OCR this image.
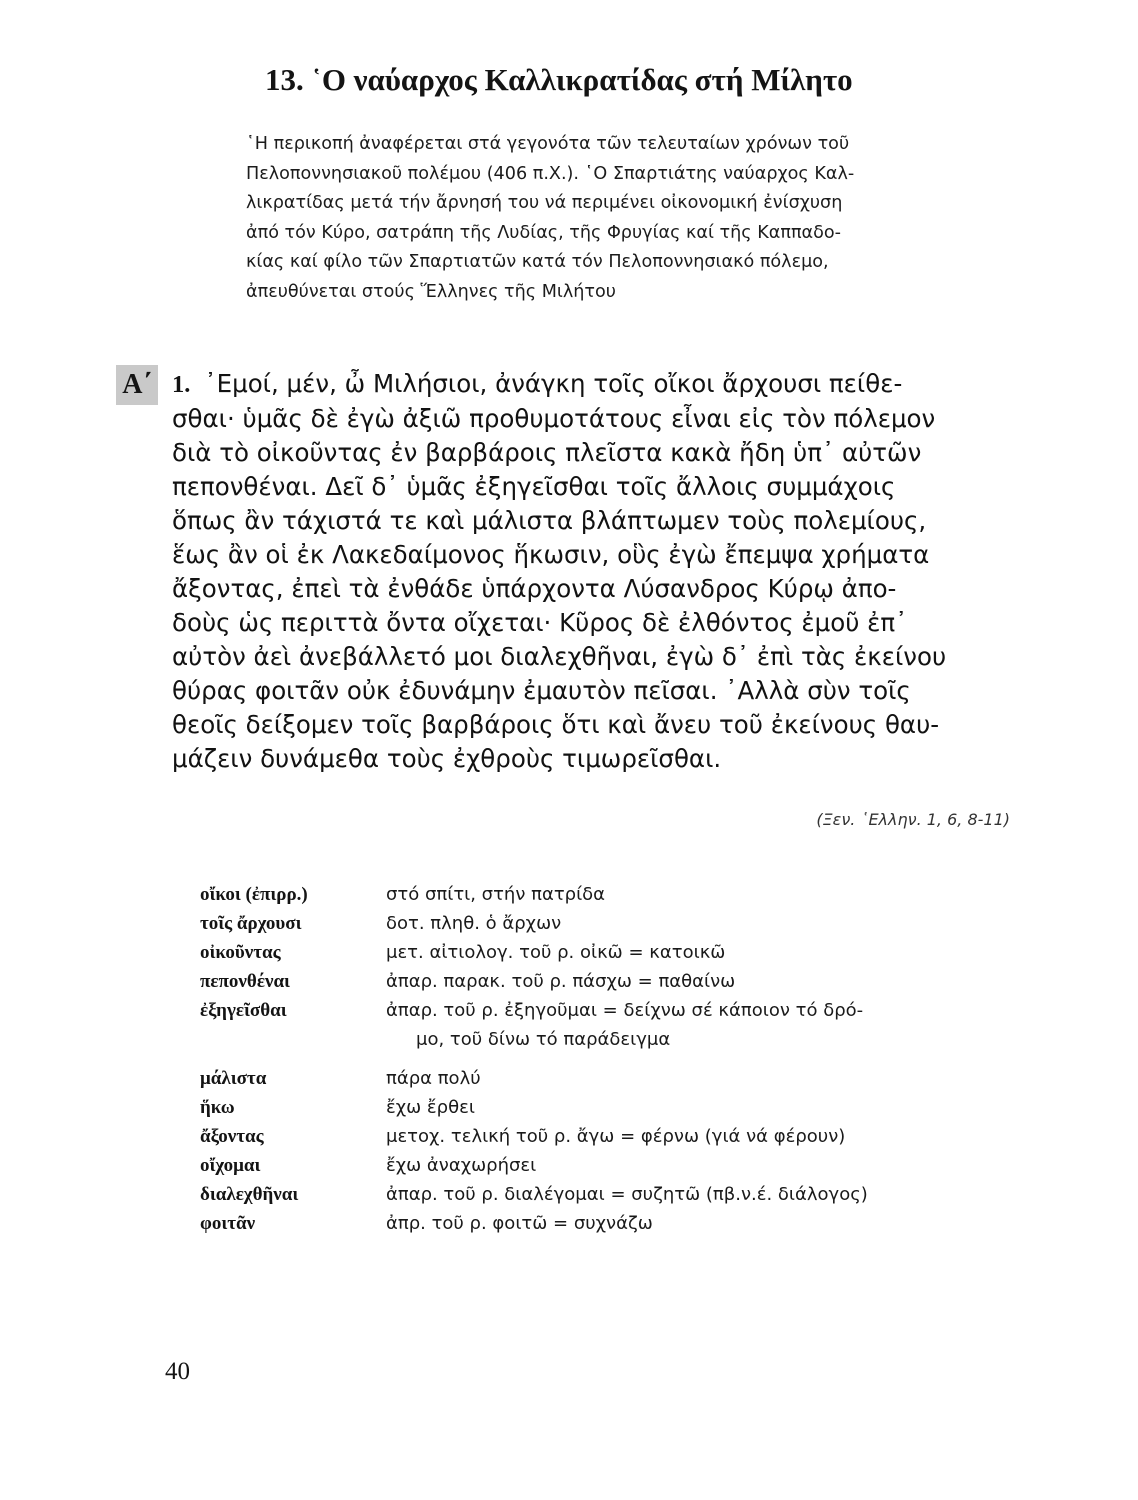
13. ῾Ο ναύαρχος Καλλικρατίδας στή Μίλητο
῾Η περικοπή ἀναφέρεται στά γεγονότα τῶν τελευταίων χρόνων τοῦ
Πελοποννησιακοῦ πολέμου (406 π.Χ.). ῾Ο Σπαρτιάτης ναύαρχος Καλ-
λικρατίδας μετά τήν ἄρνησή του νά περιμένει οἰκονομική ἐνίσχυση
ἀπό τόν Κύρο, σατράπη τῆς Λυδίας, τῆς Φρυγίας καί τῆς Καππαδο-
κίας καί φίλο τῶν Σπαρτιατῶν κατά τόν Πελοποννησιακό πόλεμο,
ἀπευθύνεται στούς Ἕλληνες τῆς Μιλήτου
Α΄ 1. ᾿Εμοί, μέν, ὦ Μιλήσιοι, ἀνάγκη τοῖς οἴκοι ἄρχουσι πείθε-
σθαι· ὑμᾶς δὲ ἐγὼ ἀξιῶ προθυμοτάτους εἶναι εἰς τὸν πόλεμον
διὰ τὸ οἰκοῦντας ἐν βαρβάροις πλεῖστα κακὰ ἤδη ὑπ᾿ αὐτῶν
πεπονθέναι. Δεῖ δ᾿ ὑμᾶς ἐξηγεῖσθαι τοῖς ἄλλοις συμμάχοις
ὅπως ἂν τάχιστά τε καὶ μάλιστα βλάπτωμεν τοὺς πολεμίους,
ἕως ἂν οἱ ἐκ Λακεδαίμονος ἥκωσιν, οὓς ἐγὼ ἔπεμψα χρήματα
ἄξοντας, ἐπεὶ τὰ ἐνθάδε ὑπάρχοντα Λύσανδρος Κύρῳ ἀπο-
δοὺς ὡς περιττὰ ὄντα οἴχεται· Κῦρος δὲ ἐλθόντος ἐμοῦ ἐπ᾿
αὐτὸν ἀεὶ ἀνεβάλλετό μοι διαλεχθῆναι, ἐγὼ δ᾿ ἐπὶ τὰς ἐκείνου
θύρας φοιτᾶν οὐκ ἐδυνάμην ἐμαυτὸν πεῖσαι. ᾿Αλλὰ σὺν τοῖς
θεοῖς δείξομεν τοῖς βαρβάροις ὅτι καὶ ἄνευ τοῦ ἐκείνους θαυ-
μάζειν δυνάμεθα τοὺς ἐχθροὺς τιμωρεῖσθαι.
(Ξεν. ῾Ελλην. 1, 6, 8-11)
οἴκοι (ἐπιρρ.)	στό σπίτι, στήν πατρίδα
τοῖς ἄρχουσι	δοτ. πληθ. ὁ ἄρχων
οἰκοῦντας	μετ. αἰτιολογ. τοῦ ρ. οἰκῶ = κατοικῶ
πεπονθέναι	ἀπαρ. παρακ. τοῦ ρ. πάσχω = παθαίνω
ἐξηγεῖσθαι	ἀπαρ. τοῦ ρ. ἐξηγοῦμαι = δείχνω σέ κάποιον τό δρό-
μο, τοῦ δίνω τό παράδειγμα
μάλιστα	πάρα πολύ
ἥκω	ἔχω ἔρθει
ἄξοντας	μετοχ. τελική τοῦ ρ. ἄγω = φέρνω (γιά νά φέρουν)
οἴχομαι	ἔχω ἀναχωρήσει
διαλεχθῆναι	ἀπαρ. τοῦ ρ. διαλέγομαι = συζητῶ (πβ.ν.έ. διάλογος)
φοιτᾶν	ἀπρ. τοῦ ρ. φοιτῶ = συχνάζω
40
